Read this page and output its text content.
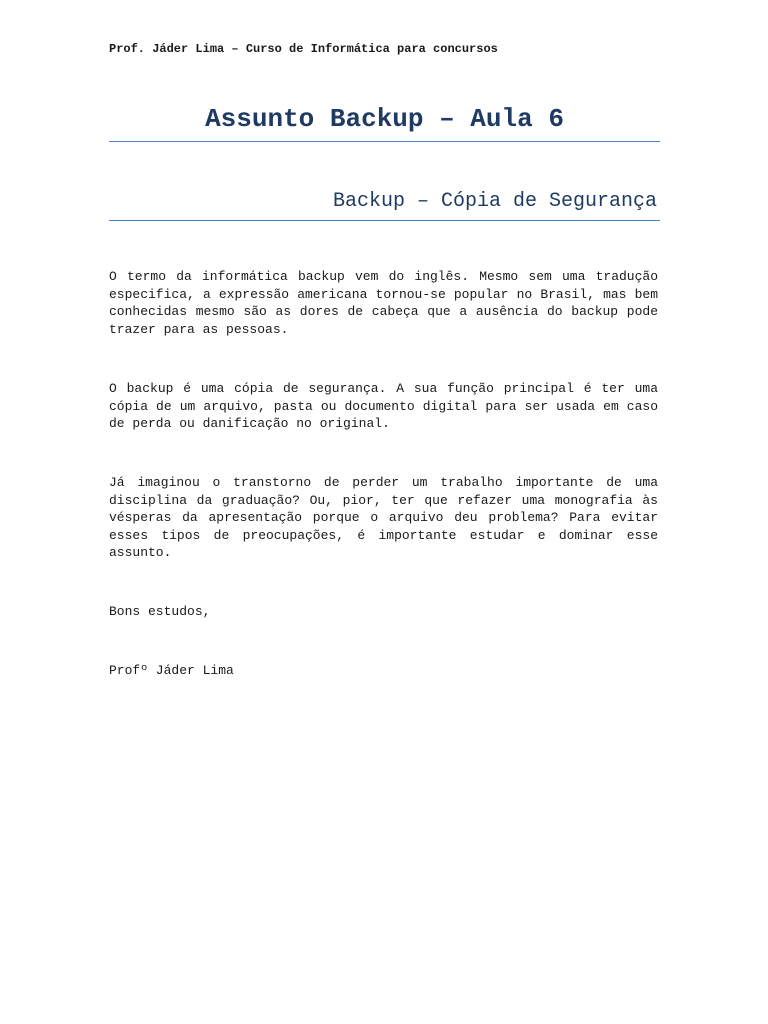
Prof. Jáder Lima – Curso de Informática para concursos
Assunto Backup – Aula 6
Backup – Cópia de Segurança

O termo da informática backup vem do inglês. Mesmo sem uma tradução especifica, a expressão americana tornou-se popular no Brasil, mas bem conhecidas mesmo são as dores de cabeça que a ausência do backup pode trazer para as pessoas.

O backup é uma cópia de segurança. A sua função principal é ter uma cópia de um arquivo, pasta ou documento digital para ser usada em caso de perda ou danificação no original.

Já imaginou o transtorno de perder um trabalho importante de uma disciplina da graduação? Ou, pior, ter que refazer uma monografia às vésperas da apresentação porque o arquivo deu problema? Para evitar esses tipos de preocupações, é importante estudar e dominar esse assunto.

Bons estudos,
Profº Jáder Lima
